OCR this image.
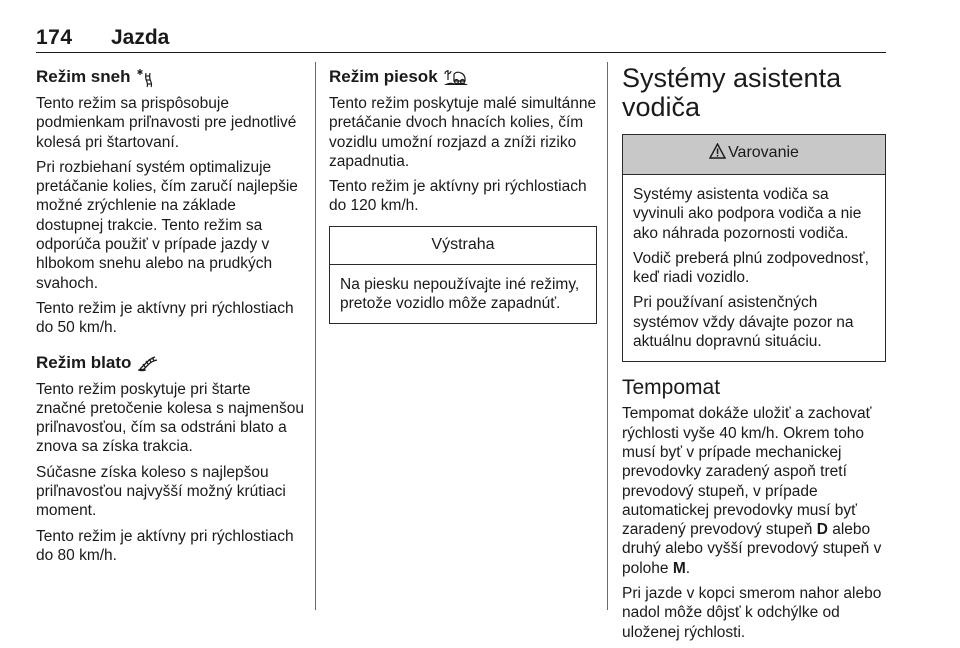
174 Jazda
Režim sneh

Tento režim sa prispôsobuje podmienkam priľnavosti pre jednotlivé kolesá pri štartovaní.

Pri rozbiehaní systém optimalizuje pretáčanie kolies, čím zaručí najlepšie možné zrýchlenie na základe dostupnej trakcie. Tento režim sa odporúča použiť v prípade jazdy v hlbokom snehu alebo na prudkých svahoch.

Tento režim je aktívny pri rýchlostiach do 50 km/h.

Režim blato

Tento režim poskytuje pri štarte značné pretočenie kolesa s najmenšou priľnavosťou, čím sa odstráni blato a znova sa získa trakcia.

Súčasne získa koleso s najlepšou priľnavosťou najvyšší možný krútiaci moment.

Tento režim je aktívny pri rýchlostiach do 80 km/h.

Režim piesok

Tento režim poskytuje malé simultánne pretáčanie dvoch hnacích kolies, čím vozidlu umožní rozjazd a zníži riziko zapadnutia.

Tento režim je aktívny pri rýchlostiach do 120 km/h.

Výstraha

Na piesku nepoužívajte iné režimy, pretože vozidlo môže zapadnúť.

Systémy asistenta vodiča
Varovanie

Systémy asistenta vodiča sa vyvinuli ako podpora vodiča a nie ako náhrada pozornosti vodiča.

Vodič preberá plnú zodpovednosť, keď riadi vozidlo.

Pri používaní asistenčných systémov vždy dávajte pozor na aktuálnu dopravnú situáciu.

Tempomat

Tempomat dokáže uložiť a zachovať rýchlosti vyše 40 km/h. Okrem toho musí byť v prípade mechanickej prevodovky zaradený aspoň tretí prevodový stupeň, v prípade automatickej prevodovky musí byť zaradený prevodový stupeň D alebo druhý alebo vyšší prevodový stupeň v polohe M.

Pri jazde v kopci smerom nahor alebo nadol môže dôjsť k odchýlke od uloženej rýchlosti.
